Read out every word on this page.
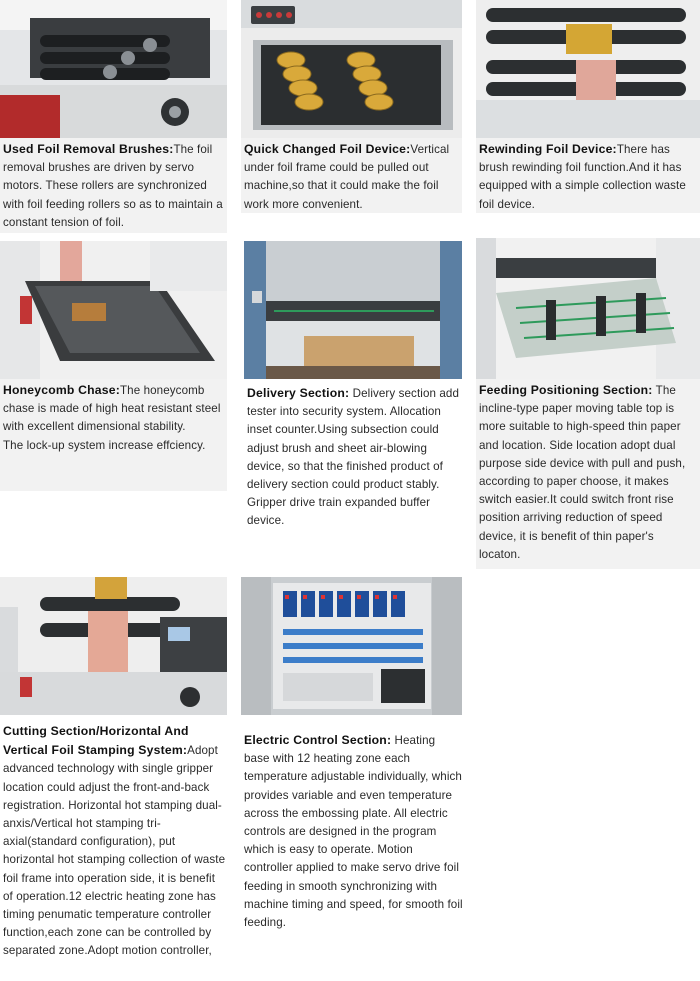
Used Foil Removal Brushes:The foil removal brushes are driven by servo motors. These rollers are synchronized with foil feeding rollers so as to maintain a constant tension of foil.
Quick Changed Foil Device:Vertical under foil frame could be pulled out machine,so that it could make the foil work more convenient.
Rewinding Foil Device:There has brush rewinding foil function.And it has equipped with a simple collection waste foil device.
Honeycomb Chase:The honeycomb chase is made of high heat resistant steel with excellent dimensional stability.
The lock-up system increase effciency.
Delivery Section: Delivery section add tester into security system. Allocation inset counter.Using subsection could adjust brush and sheet air-blowing device, so that the finished product of delivery section could product stably. Gripper drive train expanded buffer device.
Feeding Positioning Section: The incline-type paper moving table top is more suitable to high-speed thin paper and location. Side location adopt dual purpose side device with pull and push, according to paper choose, it makes switch easier.It could switch front rise position arriving reduction of speed device, it is benefit of thin paper's locaton.
Cutting Section/Horizontal And Vertical Foil Stamping System:Adopt advanced technology with single gripper location could adjust the front-and-back registration. Horizontal hot stamping dual-anxis/Vertical hot stamping tri-axial(standard configuration), put horizontal hot stamping collection of waste foil frame into operation side, it is benefit of operation.12 electric heating zone has timing penumatic temperature controller function,each zone can be controlled by separated zone.Adopt motion controller,
Electric Control Section: Heating base with 12 heating zone each temperature adjustable individually, which provides variable and even temperature across the embossing plate. All electric controls are designed in the program which is easy to operate. Motion controller applied to make servo drive foil feeding in smooth synchronizing with machine timing and speed, for smooth foil feeding.
